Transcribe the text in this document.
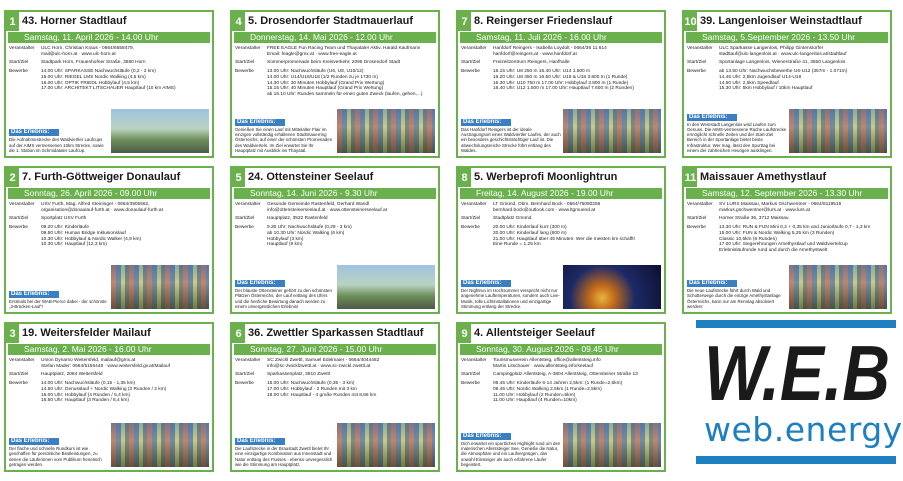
1 43. Horner Stadtlauf
Samstag, 11. April 2026 - 14.00 Uhr
Veranstalter	ULC Horn, Christian Kraus - 0664/6558479,

mail@ulc-horn.at · www.ulc-horn.at

Start/Ziel	Stadtpark Horn, Frauenhofner Straße, 3580 Horn

Bewerbe	14.00 Uhr: SPARKASSE Nachwuchsläufe (0,2 - 2 km)

15.00 Uhr: RIEGEL LMS Nordic Walking (4,5 km)

16.00 Uhr: OPTIK FRIEDL Hobbylauf (4,5 km)

17.00 Uhr: ARCHITEKT LITSCHAUER Hauptlauf (10 km AIMS)

Das Erlebnis:
Die Aufnahmestrecke des Waldviertler Laufcups auf der AIMS vermessenen 10km Strecke, sowie die 1. Station im Schmidataler Laufcup.
4 5. Drosendorfer Stadtmauerlauf
Donnerstag, 14. Mai 2026 - 12.00 Uhr
Veranstalter	FREE EAGLE Fun Racing Team und Thayataler Aktiv, Harald Kaufmann

Email: feagle@gmx.at · www.free-eagle.at

Start/Ziel	Sommerpromenade beim Kreisverkehr, 2095 Drosendorf Stadt

Bewerbe	13.00 Uhr: Nachwuchsläufe (U6, U8, U10/12)

14.00 Uhr: U14/U16/U18 (1/2 Runden zu je 1730 m)

14.30 Uhr: 30 Minuten Hobbylauf (Grand Prix Wertung)

15.15 Uhr: 40 Minuten Hauptlauf (Grand Prix Wertung)

ab 16.10 Uhr: Runden sammeln für einen guten Zweck (laufen, gehen,...)

Das Erlebnis:
Genießen Sie einen Lauf mit Mittelalter Flair im einzigen vollständig erhaltenen Stadtmauerring Österreichs, auf einer der schönsten Promenaden des Waldviertels. Im Ziel erwartet Sie Ihr Hauptplatz mit Ausblick ins Thayatal.
7 8. Reingerser Friedenslauf
Samstag, 11. Juli 2026 - 16.00 Uhr
Veranstalter	Hanfdorf Reingers - Isabella Loydolt - 0664/36 11 614

hanfdorf@reingers.at · www.hanfdorf.at

Start/Ziel	Freizeitzentrum Reingers, Hanfhalle

Bewerbe	16.15 Uhr: U8 250 m 16.40 Uhr: U14 1.500 m

16.20 Uhr: U8 450 m 16.50 Uhr: U16 & U18 3.800 m (1 Runde)

16.30 Uhr: U10 750 m 17.00 Uhr: Hobbylauf 3.800 m (1 Runde)

16.40 Uhr: U12 1.500 m 17.00 Uhr: Hauptlauf 7.600 m (2 Runden)

Das Erlebnis:
Das Hanfdorf Reingers ist der ideale Austragungsort eines Waldviertler Laufes, der auch ein besonders geschichtsträchtiger Lauf ist. Die abwechslungsreiche Strecke führt entlang des Waldes.
10 39. Langenloiser Weinstadtlauf
Samstag, 5.September 2026 - 13.50 Uhr
Veranstalter	ULC Sparkasse Langenlois, Philipp Gintenstorfer

stadtlauf@ulc-langenlois.at · www.ulc-langenlois.at/stadtlauf

Start/Ziel	Sportanlage Langenlois, Wienerstraße 41, 3550 Langenlois

Bewerbe	ab 13.50 Uhr: Nachwuchsbewerbe U6-U12 (357m - 1.071m)

14.45 Uhr: 2,5km Jugendlauf U14-U18

14.50 Uhr: 2,5km Speedlauf

15.30 Uhr: 5km Hobbylauf / 10km Hauptlauf

Das Erlebnis:
In den Weinstadt Langenlois wird Laufen zum Genuss. Die AIMS-vermessene Rache Laufstrecke ermöglicht schnelle Zeiten und der Start-Ziel Bereich in der Sportanlage bietet beste Infrastruktur. Wer mag, lässt den Sporttag bei einem der zahlreichen Heurigen ausklingen.
2 7. Furth-Göttweiger Donaulauf
Sonntag, 26. April 2026 - 09.00 Uhr
Veranstalter	USV Furth, Mag. Alfred Steininger - 0664/3905562,

organisation@donaulauf-furth.at · www.donaulauf-furth.at

Start/Ziel	Sportplatz USV Furth

Bewerbe	09.20 Uhr: Kinderläufe

09.50 Uhr: Human Bridge Inklusionslauf

10.30 Uhr: Hobbylauf & Nordic Walker (4,9 km)

10.30 Uhr: Hauptlauf (12,3 km)

Das Erlebnis:
Erstmals bei der WAB-Pierce dabei - der schönste „3-Brücken-Lauf“!
5 24. Ottensteiner Seelauf
Sonntag, 14. Juni 2026 - 9.30 Uhr
Veranstalter	Gesunde Gemeinde Rastenfeld, Gerhard Wandl

info@ottensteinerseelauf.at · www.ottensteinerseelauf.at

Start/Ziel	Hauptplatz, 3532 Rastenfeld

Bewerbe	9.30 Uhr: Nachwuchsläufe (0,29 - 3 km)

ab 10.30 Uhr: Nordic Walking (6 km)

Hobbylauf (3 km)

Hauptlauf (9 km)

Das Erlebnis:
Der blauste Ottensteiner gehört zu den schönsten Plätzen Österreichs, der Lauf entlang des Ufers und die herrliche Bewirtung danach werden zu einem unvergesslichen Erlebnis!
8 5. Werbeprofi Moonlightrun
Freitag, 14. August 2026 - 19.00 Uhr
Veranstalter	LT Gmünd, Obm. Bernhard Bock - 0664/75080256

bernhard.bock@outlook.com · www.ltgmuend.at

Start/Ziel	Stadtplatz Gmünd

Bewerbe	20.00 Uhr: Kinderlauf kurz (300 m)

20.00 Uhr: Kinderlauf lang (600 m)

21.00 Uhr: Hauptlauf über 45 Minuten: Wer die meisten km schafft!

Eine Runde = 1,25 km

Das Erlebnis:
Der Nightrun im Hochsommer verspricht nicht nur angenehme Lauftemperaturen, sondern auch Live-Musik, tolle Lichtinstallationen und einzigartige Stimmung entlang der Strecke.
11 Maissauer Amethystlauf
Samstag, 12. September 2026 - 13.30 Uhr
Veranstalter	SV LURS Maissau, Markus Gschwentner - 0664/8119516

markus.gschwentner@lurs.at · www.lurs.at

Start/Ziel	Horner Straße 36, 3712 Maissau

Bewerbe	13.30 Uhr: RUN & FUN Mini 0,2 + 0,35 km und Juniorläufe 0,7 - 1,3 km

15.00 Uhr: FUN & Nordic Walking 5,25 km (3 Runden)

Classic 10,5km (6 Runden)

17.00 Uhr: Siegerehrungen Amethystlauf und Waldviertelcup

Erlebnisläufrunde rund und durch die Amethystwelt

Das Erlebnis:
Die neue Laufstrecke führt durch Wald und Schotterwege durch die einzige Amethystanlage Österreichs, kann nur am Renntag absolviert werden!
3 19. Weitersfelder Mailauf
Samstag, 2. Mai 2026 - 16.00 Uhr
Veranstalter	Union Dynamo Weitersfeld, mailauf@gmx.at

Stefan Mader: 0664/5156448 · www.weitersfeld.gv.at/Mailauf

Start/Ziel	Hauptplatz, 2084 Weitersfeld

Bewerbe	14.00 Uhr: Nachwuchsläufe (0,15 - 1,35 km)

14.50 Uhr: Genusslauf + Nordic Walking (2 Runden / 2 km)

16.00 Uhr: Hobbylauf (4 Runden / 5,4 km)

16.50 Uhr: Hauptlauf (3 Runden / 8,4 km)

Das Erlebnis:
Der flache und schnelle Rundkurs ist wie geschaffen für persönliche Bestleistungen, zu denen die Läuferinnen vom Publikum frenetisch getragen werden.
6 36. Zwettler Sparkassen Stadtlauf
Sonntag, 27. Juni 2026 - 15.00 Uhr
Veranstalter	SC Zwickl Zwettl, Samuel Edelmaier - 0664/4044482

info@sc-zwicklzwettl.at · www.sc-zwickl.zwettl.at

Start/Ziel	Sparkassenplatz, 3910 Zwettl

Bewerbe	15.00 Uhr: Nachwuchsläufe (0,35 - 3 km)

17.00 Uhr: Hobbylauf - 2 Runden mit 3 km

18.00 Uhr: Hauptlauf - 4 große Runden mit 8,68 km

Das Erlebnis:
Die Laufstrecke in der Braustadt Zwettl bietet Ihr eine einzigartige Kombination aus Innenstadt und Natur entlang des Flusses - ebenso unvergesslich wie die Stimmung am Hauptplatz.
9 4. Allentsteiger Seelauf
Sonntag, 30. August 2026 - 09.45 Uhr
Veranstalter	Tourismusverein Allentsteig, office@allentsteig.info

Martin Litschauer · www.allentsteig.info/seelauf

Start/Ziel	Campingplatz Allentsteig, A-3804 Allentsteig, Ottensteiner Straße 13

Bewerbe	09.45 Uhr: Kinderläufe 6-14 Jahren 2,5km: (1 Runde=2,5km)

09.45 Uhr: Nordic Walking 2,5km (1 Runde=2,5km)

11.00 Uhr: Hobbylauf (2 Runden=5km)

11.00 Uhr: Hauptlauf (4 Runden=10km)

Das Erlebnis:
Dich erwartet ein sportliches Highlight rund um den malerischen Allentsteiger See. Genieße die Natur, die Atmosphäre und ein Laufvergnügen, das sowohl Einsteiger als auch erfahrene Läufer begeistert.
W.E.B
web.energy
